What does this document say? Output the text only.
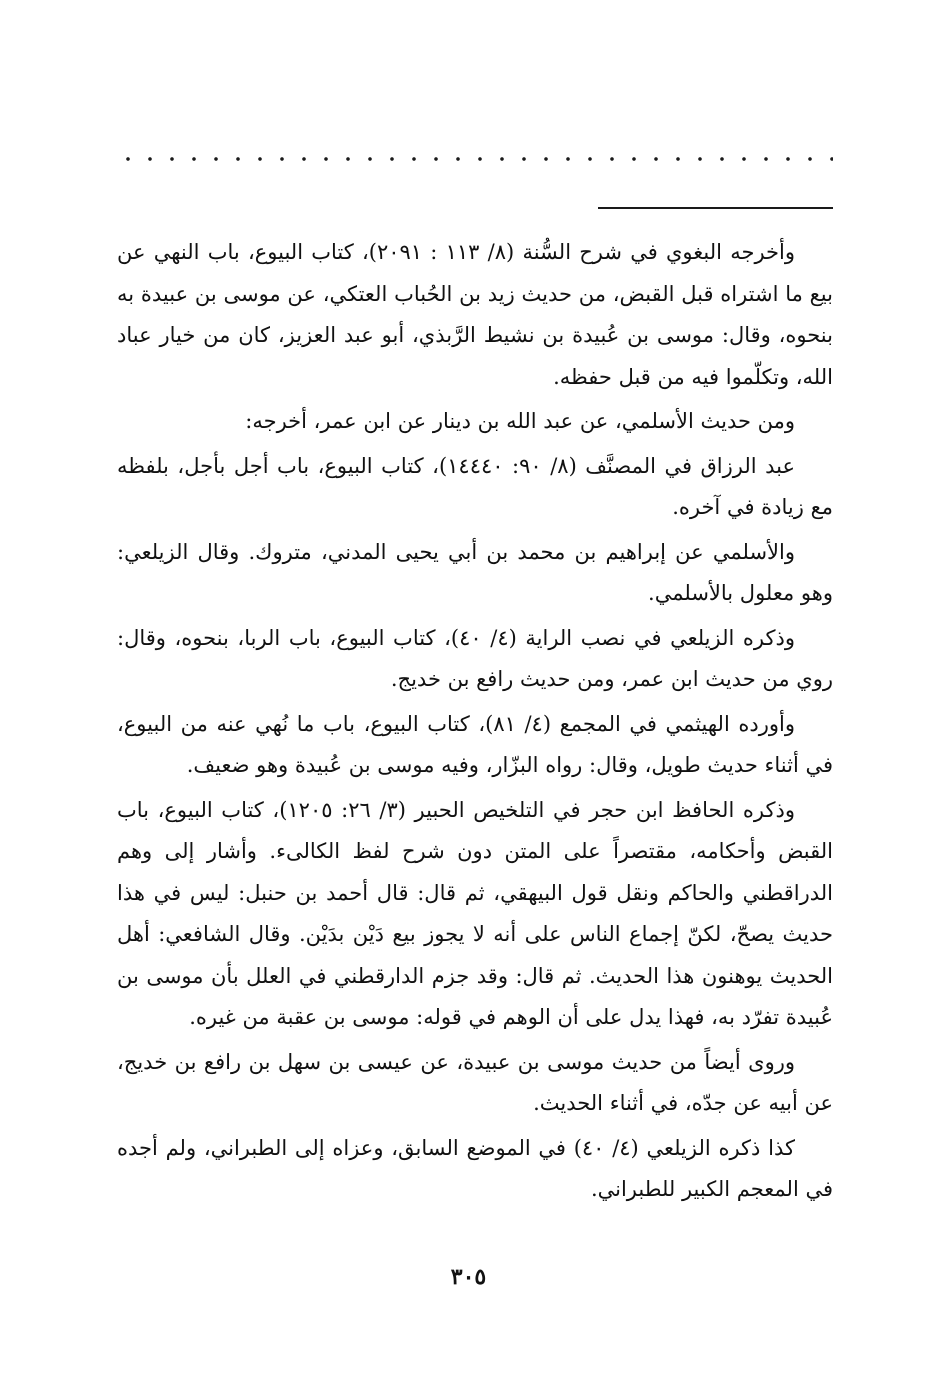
وأخرجه البغوي في شرح السُّنة (٨/ ١١٣ : ٢٠٩١)، كتاب البيوع، باب النهي عن بيع ما اشتراه قبل القبض، من حديث زيد بن الحُباب العتكي، عن موسى بن عبيدة به بنحوه، وقال: موسى بن عُبيدة بن نشيط الرَّبذي، أبو عبد العزيز، كان من خيار عباد الله، وتكلّموا فيه من قبل حفظه.

ومن حديث الأسلمي، عن عبد الله بن دينار عن ابن عمر، أخرجه:

عبد الرزاق في المصنَّف (٨/ ٩٠: ١٤٤٤٠)، كتاب البيوع، باب أجل بأجل، بلفظه مع زيادة في آخره.

والأسلمي عن إبراهيم بن محمد بن أبي يحيى المدني، متروك. وقال الزيلعي: وهو معلول بالأسلمي.

وذكره الزيلعي في نصب الراية (٤/ ٤٠)، كتاب البيوع، باب الربا، بنحوه، وقال: روي من حديث ابن عمر، ومن حديث رافع بن خديج.

وأورده الهيثمي في المجمع (٤/ ٨١)، كتاب البيوع، باب ما نُهي عنه من البيوع، في أثناء حديث طويل، وقال: رواه البزّار، وفيه موسى بن عُبيدة وهو ضعيف.

وذكره الحافظ ابن حجر في التلخيص الحبير (٣/ ٢٦: ١٢٠٥)، كتاب البيوع، باب القبض وأحكامه، مقتصراً على المتن دون شرح لفظ الكالىء. وأشار إلى وهم الدراقطني والحاكم ونقل قول البيهقي، ثم قال: قال أحمد بن حنبل: ليس في هذا حديث يصحّ، لكنّ إجماع الناس على أنه لا يجوز بيع دَيْن بدَيْن. وقال الشافعي: أهل الحديث يوهنون هذا الحديث. ثم قال: وقد جزم الدارقطني في العلل بأن موسى بن عُبيدة تفرّد به، فهذا يدل على أن الوهم في قوله: موسى بن عقبة من غيره.

وروى أيضاً من حديث موسى بن عبيدة، عن عيسى بن سهل بن رافع بن خديج، عن أبيه عن جدّه، في أثناء الحديث.

كذا ذكره الزيلعي (٤/ ٤٠) في الموضع السابق، وعزاه إلى الطبراني، ولم أجده في المعجم الكبير للطبراني.

٣٠٥
